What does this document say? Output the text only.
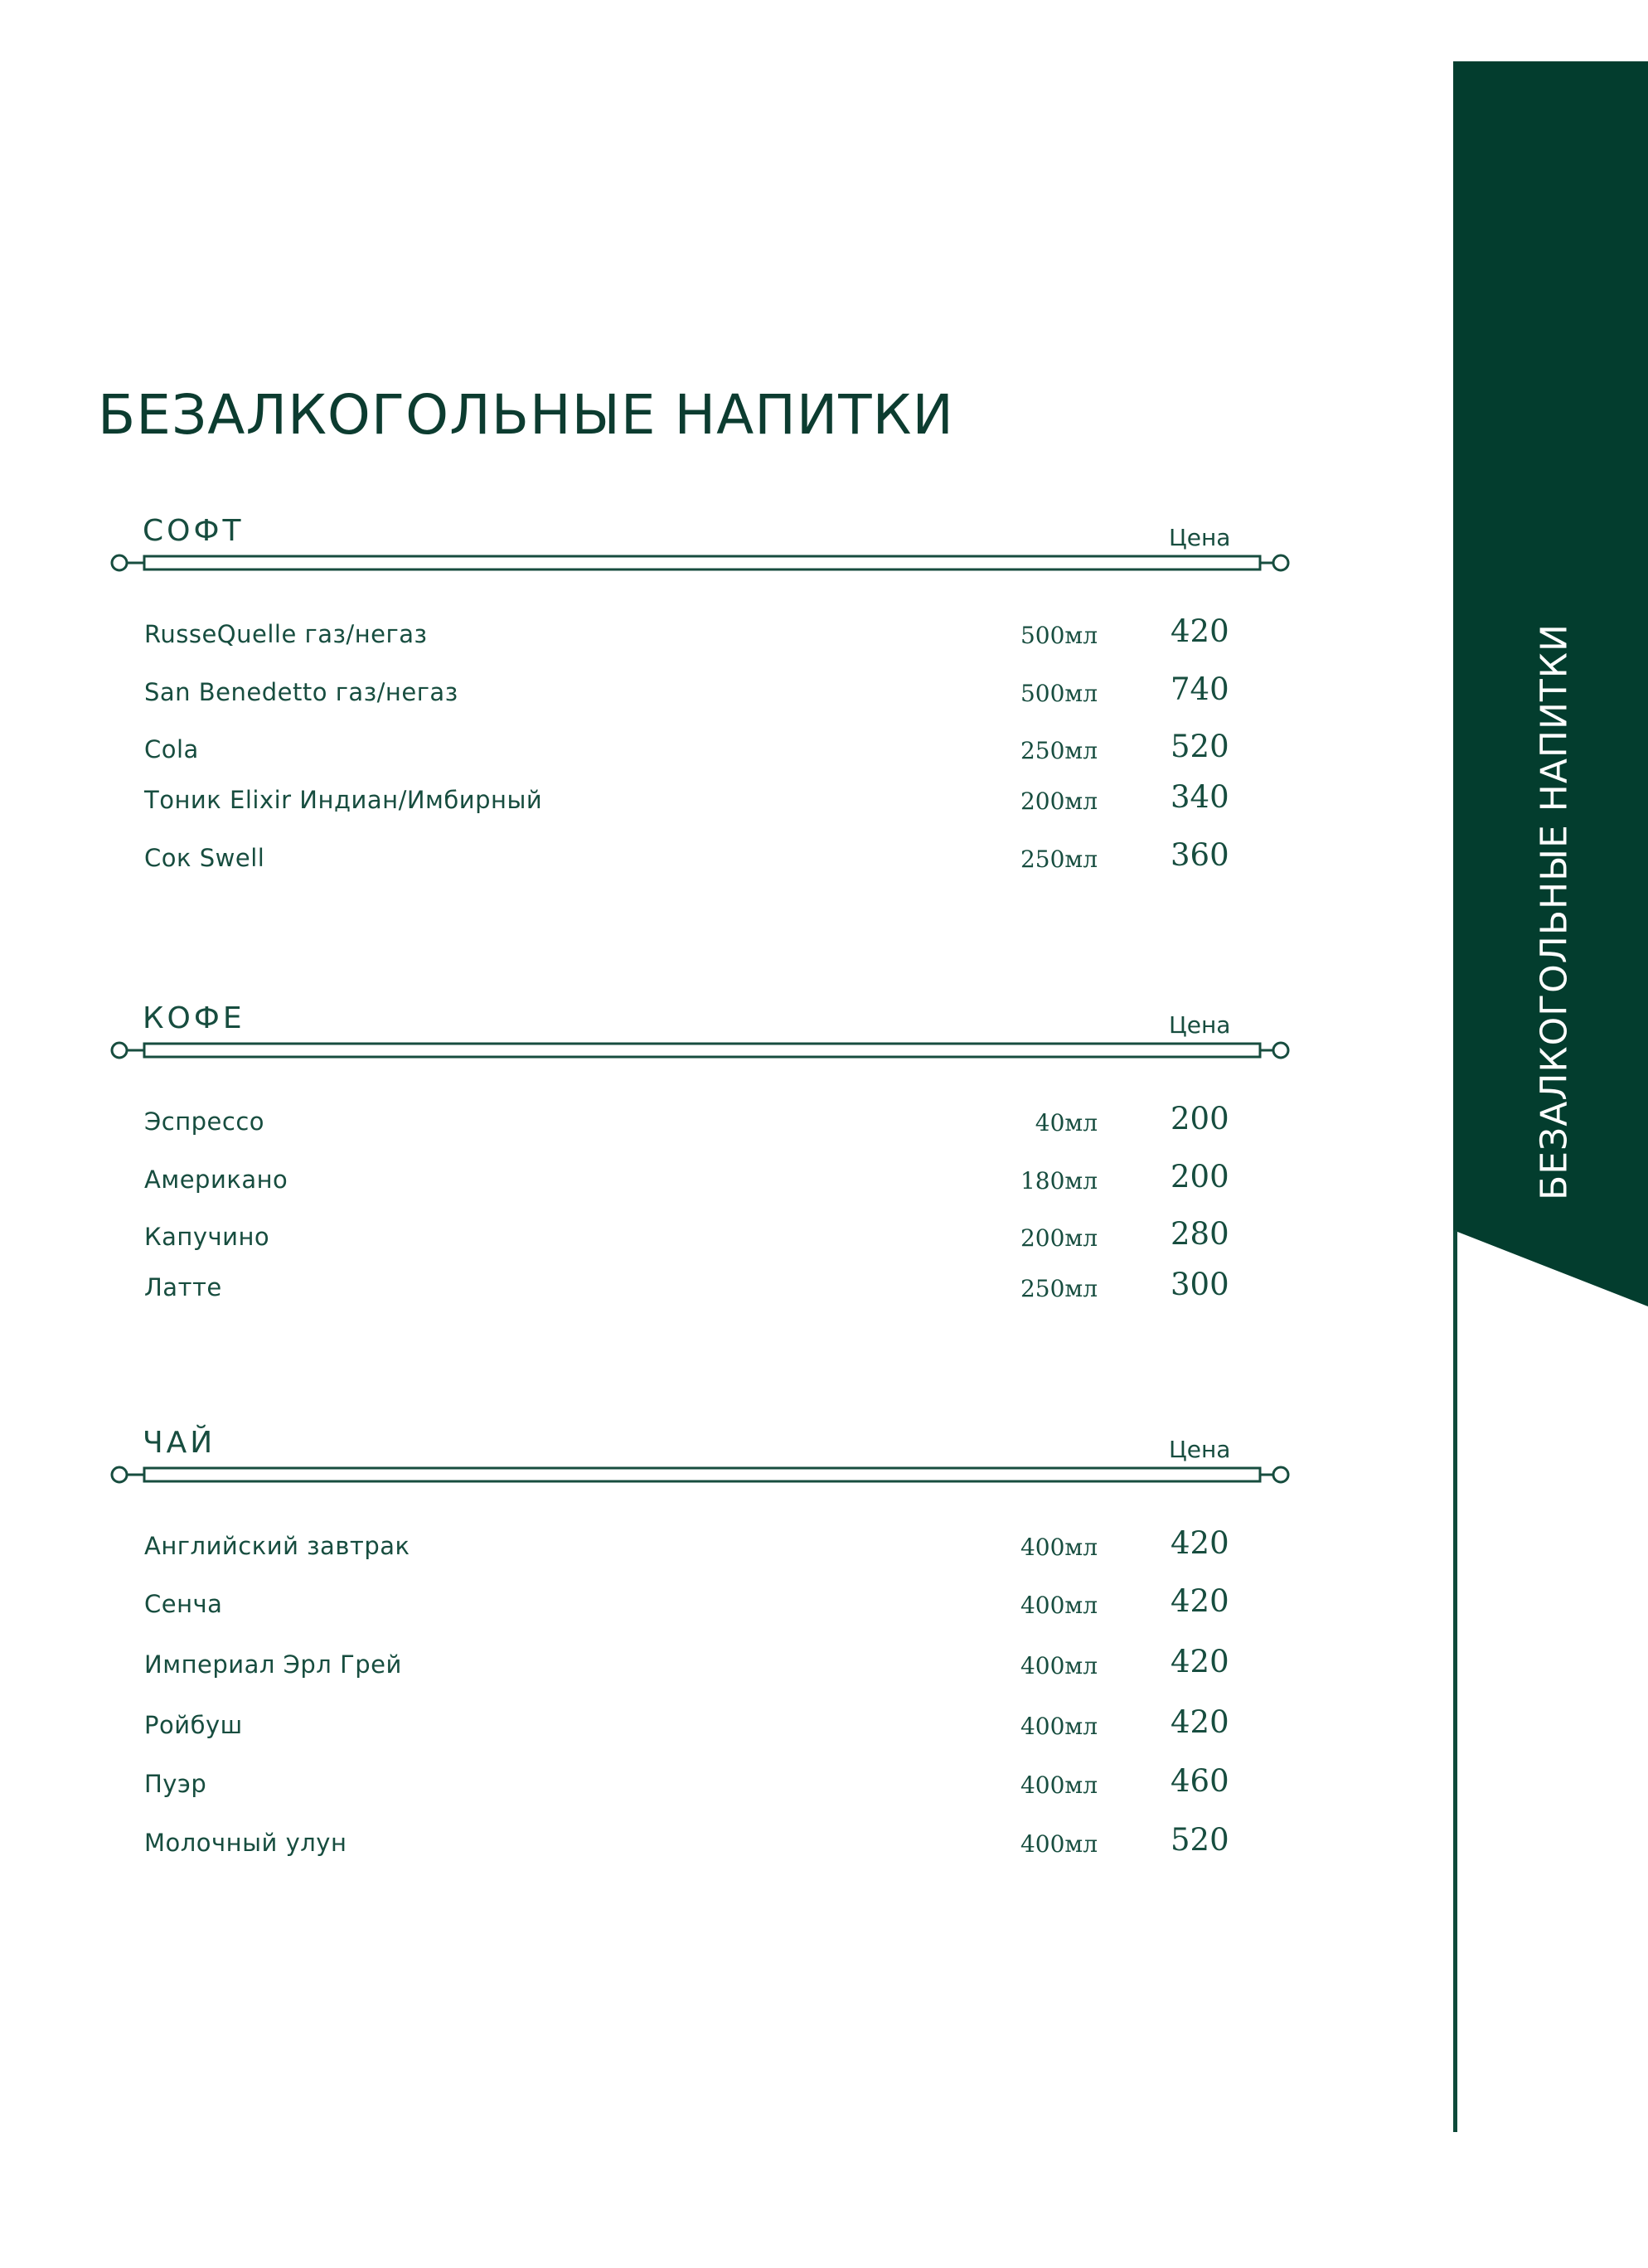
БЕЗАЛКОГОЛЬНЫЕ НАПИТКИ
БЕЗАЛКОГОЛЬНЫЕ НАПИТКИ
СОФТ	Цена
RusseQuelle газ/негаз	500мл 420
San Benedetto газ/негаз	500мл 740
Cola	250мл 520
Тоник Elixir Индиан/Имбирный	200мл 340
Сок Swell	250мл 360
КОФЕ	Цена
Эспрессо	40мл 200
Американо	180мл 200
Капучино	200мл 280
Латте	250мл 300
ЧАЙ	Цена
Английский завтрак	400мл 420
Сенча	400мл 420
Империал Эрл Грей	400мл 420
Ройбуш	400мл 420
Пуэр	400мл 460
Молочный улун	400мл 520
